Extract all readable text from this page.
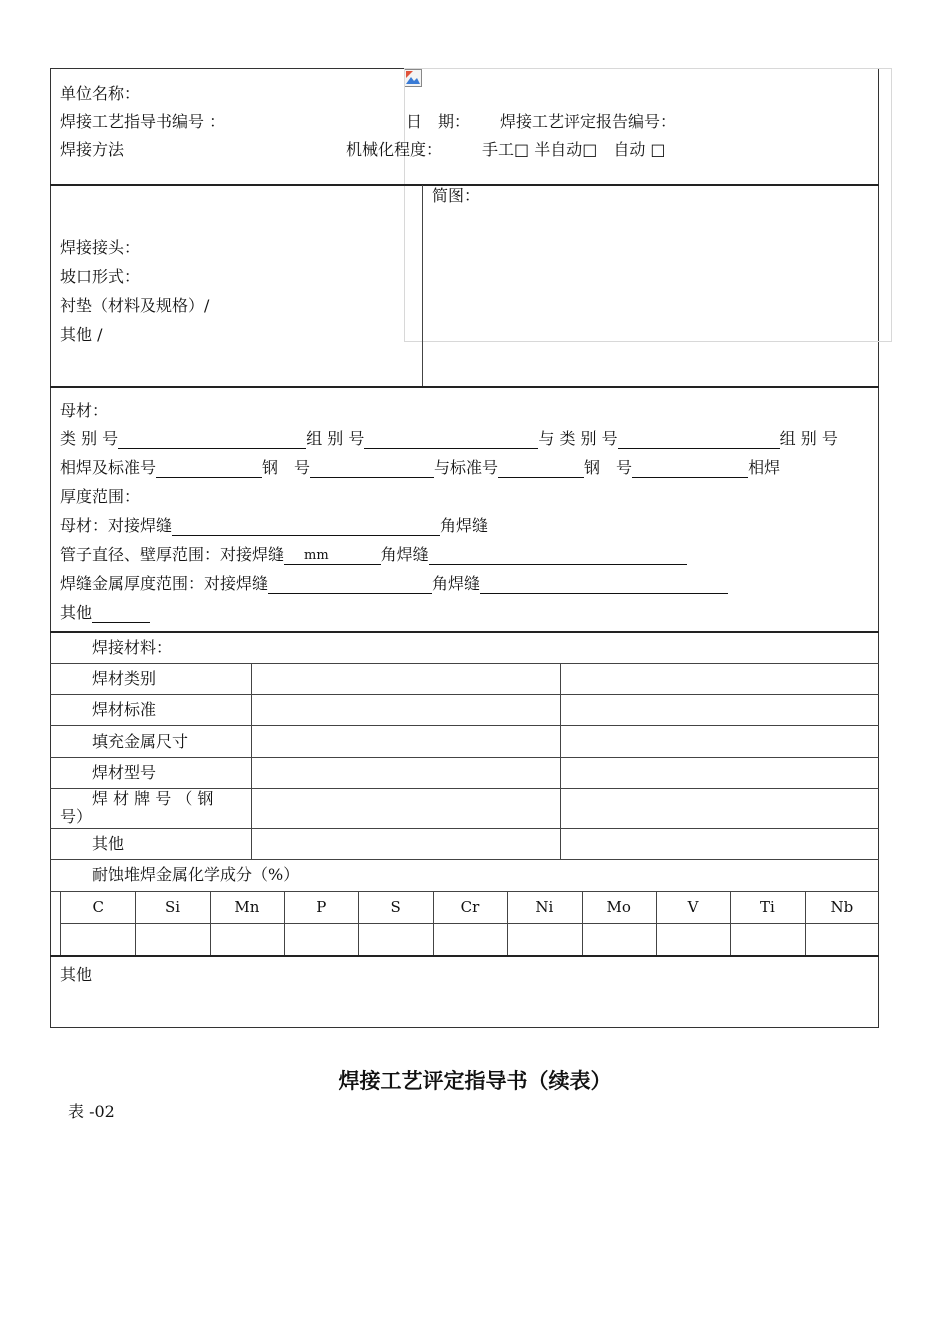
单位名称：
焊接工艺指导书编号 ：	日　期： 焊接工艺评定报告编号：
焊接方法	机械化程度： 手工□ 半自动□　自动 □
简图：
焊接接头：
坡口形式：
衬垫（材料及规格）/
其他 /
母材：
类 别 号	组 别 号	与 类 别 号	组 别 号
相焊及标准号	钢　号	与标准号	钢　号	相焊
厚度范围：
母材：对接焊缝	角焊缝
管子直径、壁厚范围：对接焊缝 mm	角焊缝
焊缝金属厚度范围：对接焊缝	角焊缝
其他
焊接材料：
焊材类别
焊材标准
填充金属尺寸
焊材型号
焊 材 牌 号 （ 钢
号）
其他
耐蚀堆焊金属化学成分（%）
C	Si	Mn	P	S	Cr	Ni	Mo	V	Ti	Nb
其他
焊接工艺评定指导书（续表）
表 -02
